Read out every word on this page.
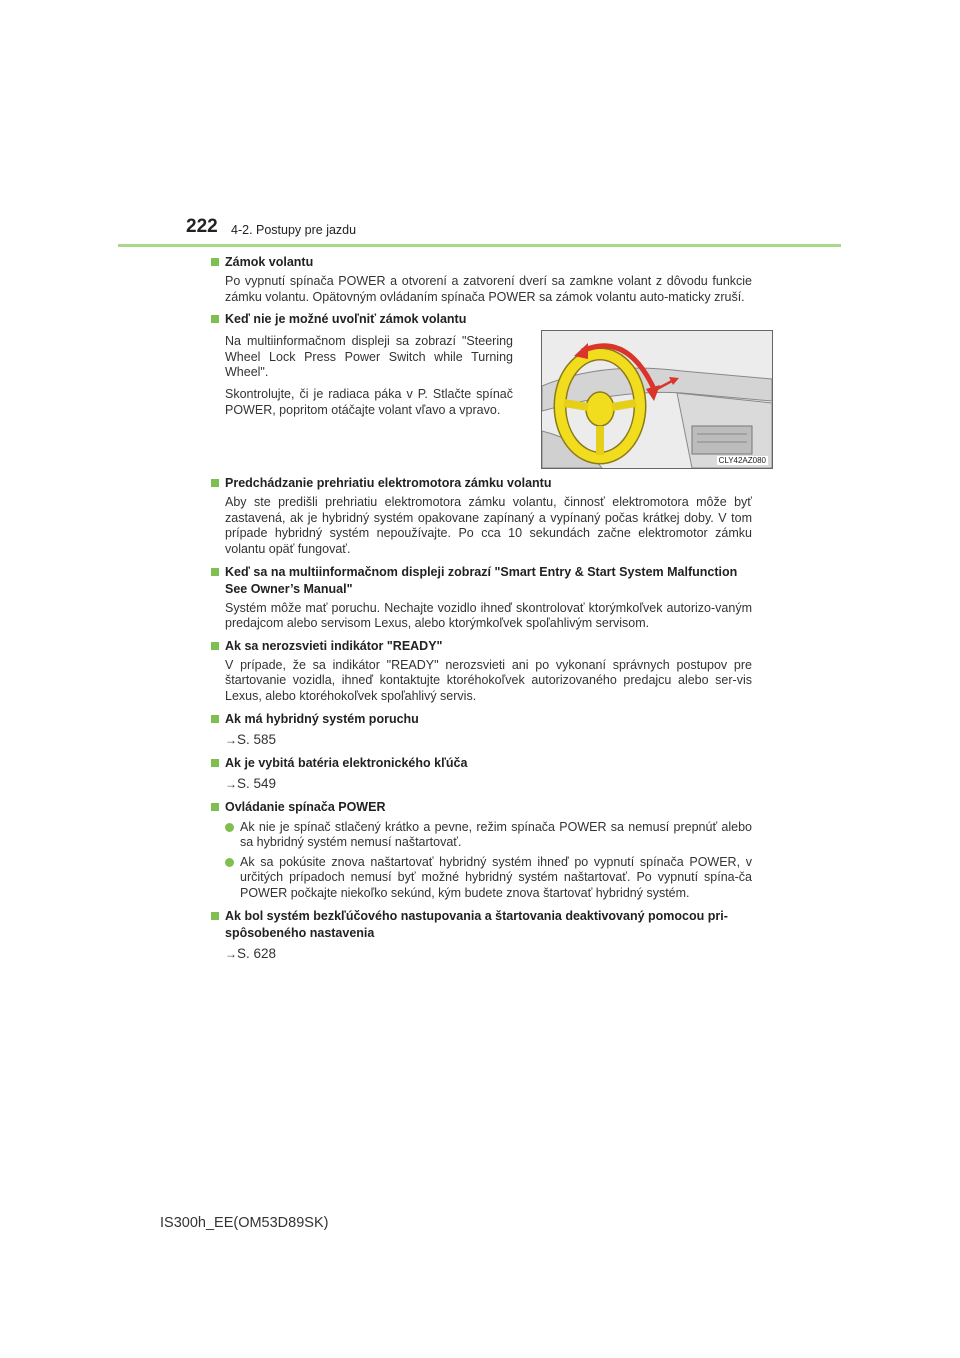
222 4-2. Postupy pre jazdu
Zámok volantu

Po vypnutí spínača POWER a otvorení a zatvorení dverí sa zamkne volant z dôvodu funkcie zámku volantu. Opätovným ovládaním spínača POWER sa zámok volantu auto-maticky zruší.

Keď nie je možné uvoľniť zámok volantu

Na multiinformačnom displeji sa zobrazí "Steering Wheel Lock Press Power Switch while Turning Wheel".

Skontrolujte, či je radiaca páka v P. Stlačte spínač POWER, popritom otáčajte volant vľavo a vpravo.

CLY42AZ080
Predchádzanie prehriatiu elektromotora zámku volantu

Aby ste predišli prehriatiu elektromotora zámku volantu, činnosť elektromotora môže byť zastavená, ak je hybridný systém opakovane zapínaný a vypínaný počas krátkej doby. V tom prípade hybridný systém nepoužívajte. Po cca 10 sekundách začne elektromotor zámku volantu opäť fungovať.

Keď sa na multiinformačnom displeji zobrazí "Smart Entry & Start System Malfunction See Owner’s Manual"

Systém môže mať poruchu. Nechajte vozidlo ihneď skontrolovať ktorýmkoľvek autorizo-vaným predajcom alebo servisom Lexus, alebo ktorýmkoľvek spoľahlivým servisom.

Ak sa nerozsvieti indikátor "READY"

V prípade, že sa indikátor "READY" nerozsvieti ani po vykonaní správnych postupov pre štartovanie vozidla, ihneď kontaktujte ktoréhokoľvek autorizovaného predajcu alebo ser-vis Lexus, alebo ktoréhokoľvek spoľahlivý servis.

Ak má hybridný systém poruchu
→S. 585
Ak je vybitá batéria elektronického kľúča
→S. 549
Ovládanie spínača POWER
Ak nie je spínač stlačený krátko a pevne, režim spínača POWER sa nemusí prepnúť alebo sa hybridný systém nemusí naštartovať.
Ak sa pokúsite znova naštartovať hybridný systém ihneď po vypnutí spínača POWER, v určitých prípadoch nemusí byť možné hybridný systém naštartovať. Po vypnutí spína-ča POWER počkajte niekoľko sekúnd, kým budete znova štartovať hybridný systém.
Ak bol systém bezkľúčového nastupovania a štartovania deaktivovaný pomocou pri-spôsobeného nastavenia
→S. 628
IS300h_EE(OM53D89SK)
